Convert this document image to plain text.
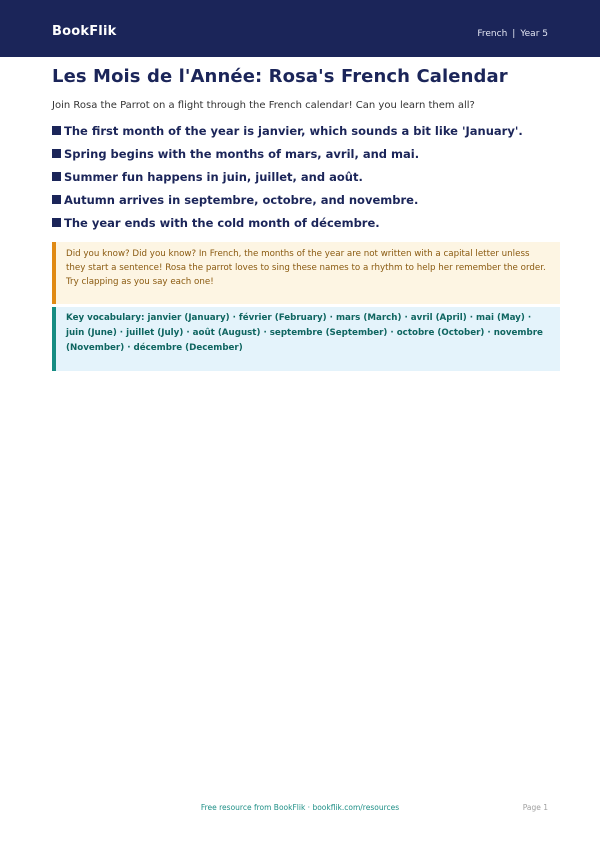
BookFlik	French | Year 5
Les Mois de l'Année: Rosa's French Calendar

Join Rosa the Parrot on a flight through the French calendar! Can you learn them all?

The first month of the year is janvier, which sounds a bit like 'January'.
Spring begins with the months of mars, avril, and mai.
Summer fun happens in juin, juillet, and août.
Autumn arrives in septembre, octobre, and novembre.
The year ends with the cold month of décembre.
Did you know? Did you know? In French, the months of the year are not written with a capital letter unless they start a sentence! Rosa the parrot loves to sing these names to a rhythm to help her remember the order. Try clapping as you say each one!
Key vocabulary: janvier (January) · février (February) · mars (March) · avril (April) · mai (May) · juin (June) · juillet (July) · août (August) · septembre (September) · octobre (October) · novembre (November) · décembre (December)
Free resource from BookFlik · bookflik.com/resources	Page 1
